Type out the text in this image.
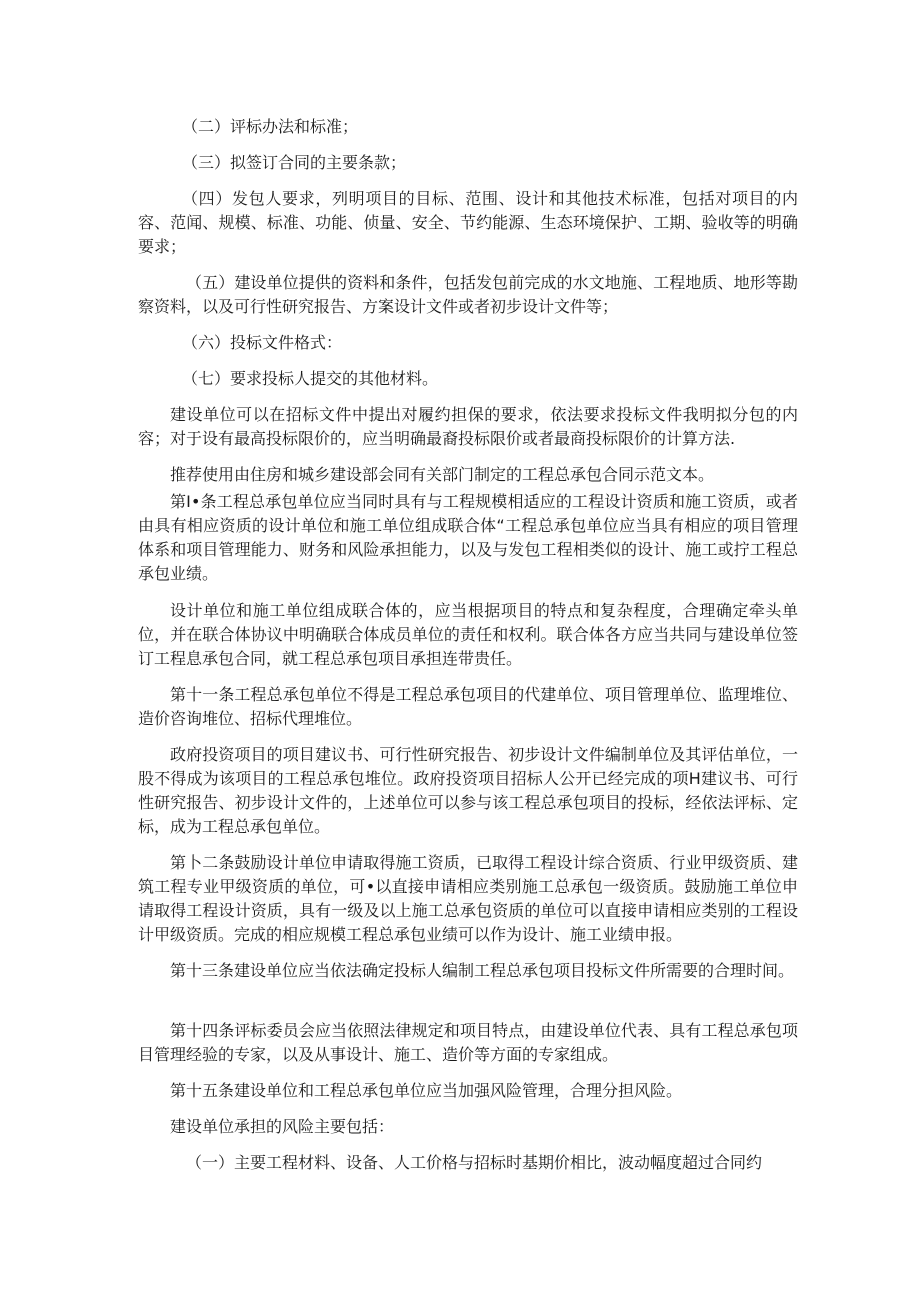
（二）评标办法和标准；

（三）拟签订合同的主要条款；

（四）发包人要求，列明项目的目标、范围、设计和其他技术标准，包括对项目的内容、范闻、规模、标准、功能、侦量、安全、节约能源、生态环境保护、工期、验收等的明确要求；

（五）建设单位提供的资料和条件，包括发包前完成的水文地施、工程地质、地形等勘察资料，以及可行性研究报告、方案设计文件或者初步设计文件等；

（六）投标文件格式：

（七）要求投标人提交的其他材料。

建设单位可以在招标文件中提出对履约担保的要求，依法要求投标文件我明拟分包的内容；对于设有最高投标限价的，应当明确最裔投标限价或者最商投标限价的计算方法.

推荐使用由住房和城乡建设部会同有关部门制定的工程总承包合同示范文本。

第Ⅰ•条工程总承包单位应当同时具有与工程规模相适应的工程设计资质和施工资质，或者由具有相应资质的设计单位和施工单位组成联合体“工程总承包单位应当具有相应的项目管理体系和项目管理能力、财务和风险承担能力，以及与发包工程相类似的设计、施工或拧工程总承包业绩。

设计单位和施工单位组成联合体的，应当根据项目的特点和复杂程度，合理确定牵头单位，并在联合体协议中明确联合体成员单位的责任和权利。联合体各方应当共同与建设单位签订工程息承包合同，就工程总承包项目承担连带贵任。

第十一条工程总承包单位不得是工程总承包项目的代建单位、项目管理单位、监理堆位、造价咨询堆位、招标代理堆位。

政府投资项目的项目建议书、可行性研究报告、初步设计文件编制单位及其评估单位，一股不得成为该项目的工程总承包堆位。政府投资项目招标人公开已经完成的项H建议书、可行性研究报告、初步设计文件的，上述单位可以参与该工程总承包项目的投标，经依法评标、定标，成为工程总承包单位。

第卜二条鼓励设计单位申请取得施工资质，已取得工程设计综合资质、行业甲级资质、建筑工程专业甲级资质的单位，可•以直接申请相应类别施工总承包一级资质。鼓励施工单位申请取得工程设计资质，具有一级及以上施工总承包资质的单位可以直接申请相应类别的工程设计甲级资质。完成的相应规模工程总承包业绩可以作为设计、施工业绩申报。

第十三条建设单位应当依法确定投标人编制工程总承包项目投标文件所需要的合理时间。

第十四条评标委员会应当依照法律规定和项目特点，由建设单位代表、具有工程总承包项目管理经验的专家，以及从事设计、施工、造价等方面的专家组成。

第十五条建设单位和工程总承包单位应当加强风险管理，合理分担风险。

建设单位承担的风险主要包括：

（一）主要工程材料、设备、人工价格与招标时基期价相比，波动幅度超过合同约
